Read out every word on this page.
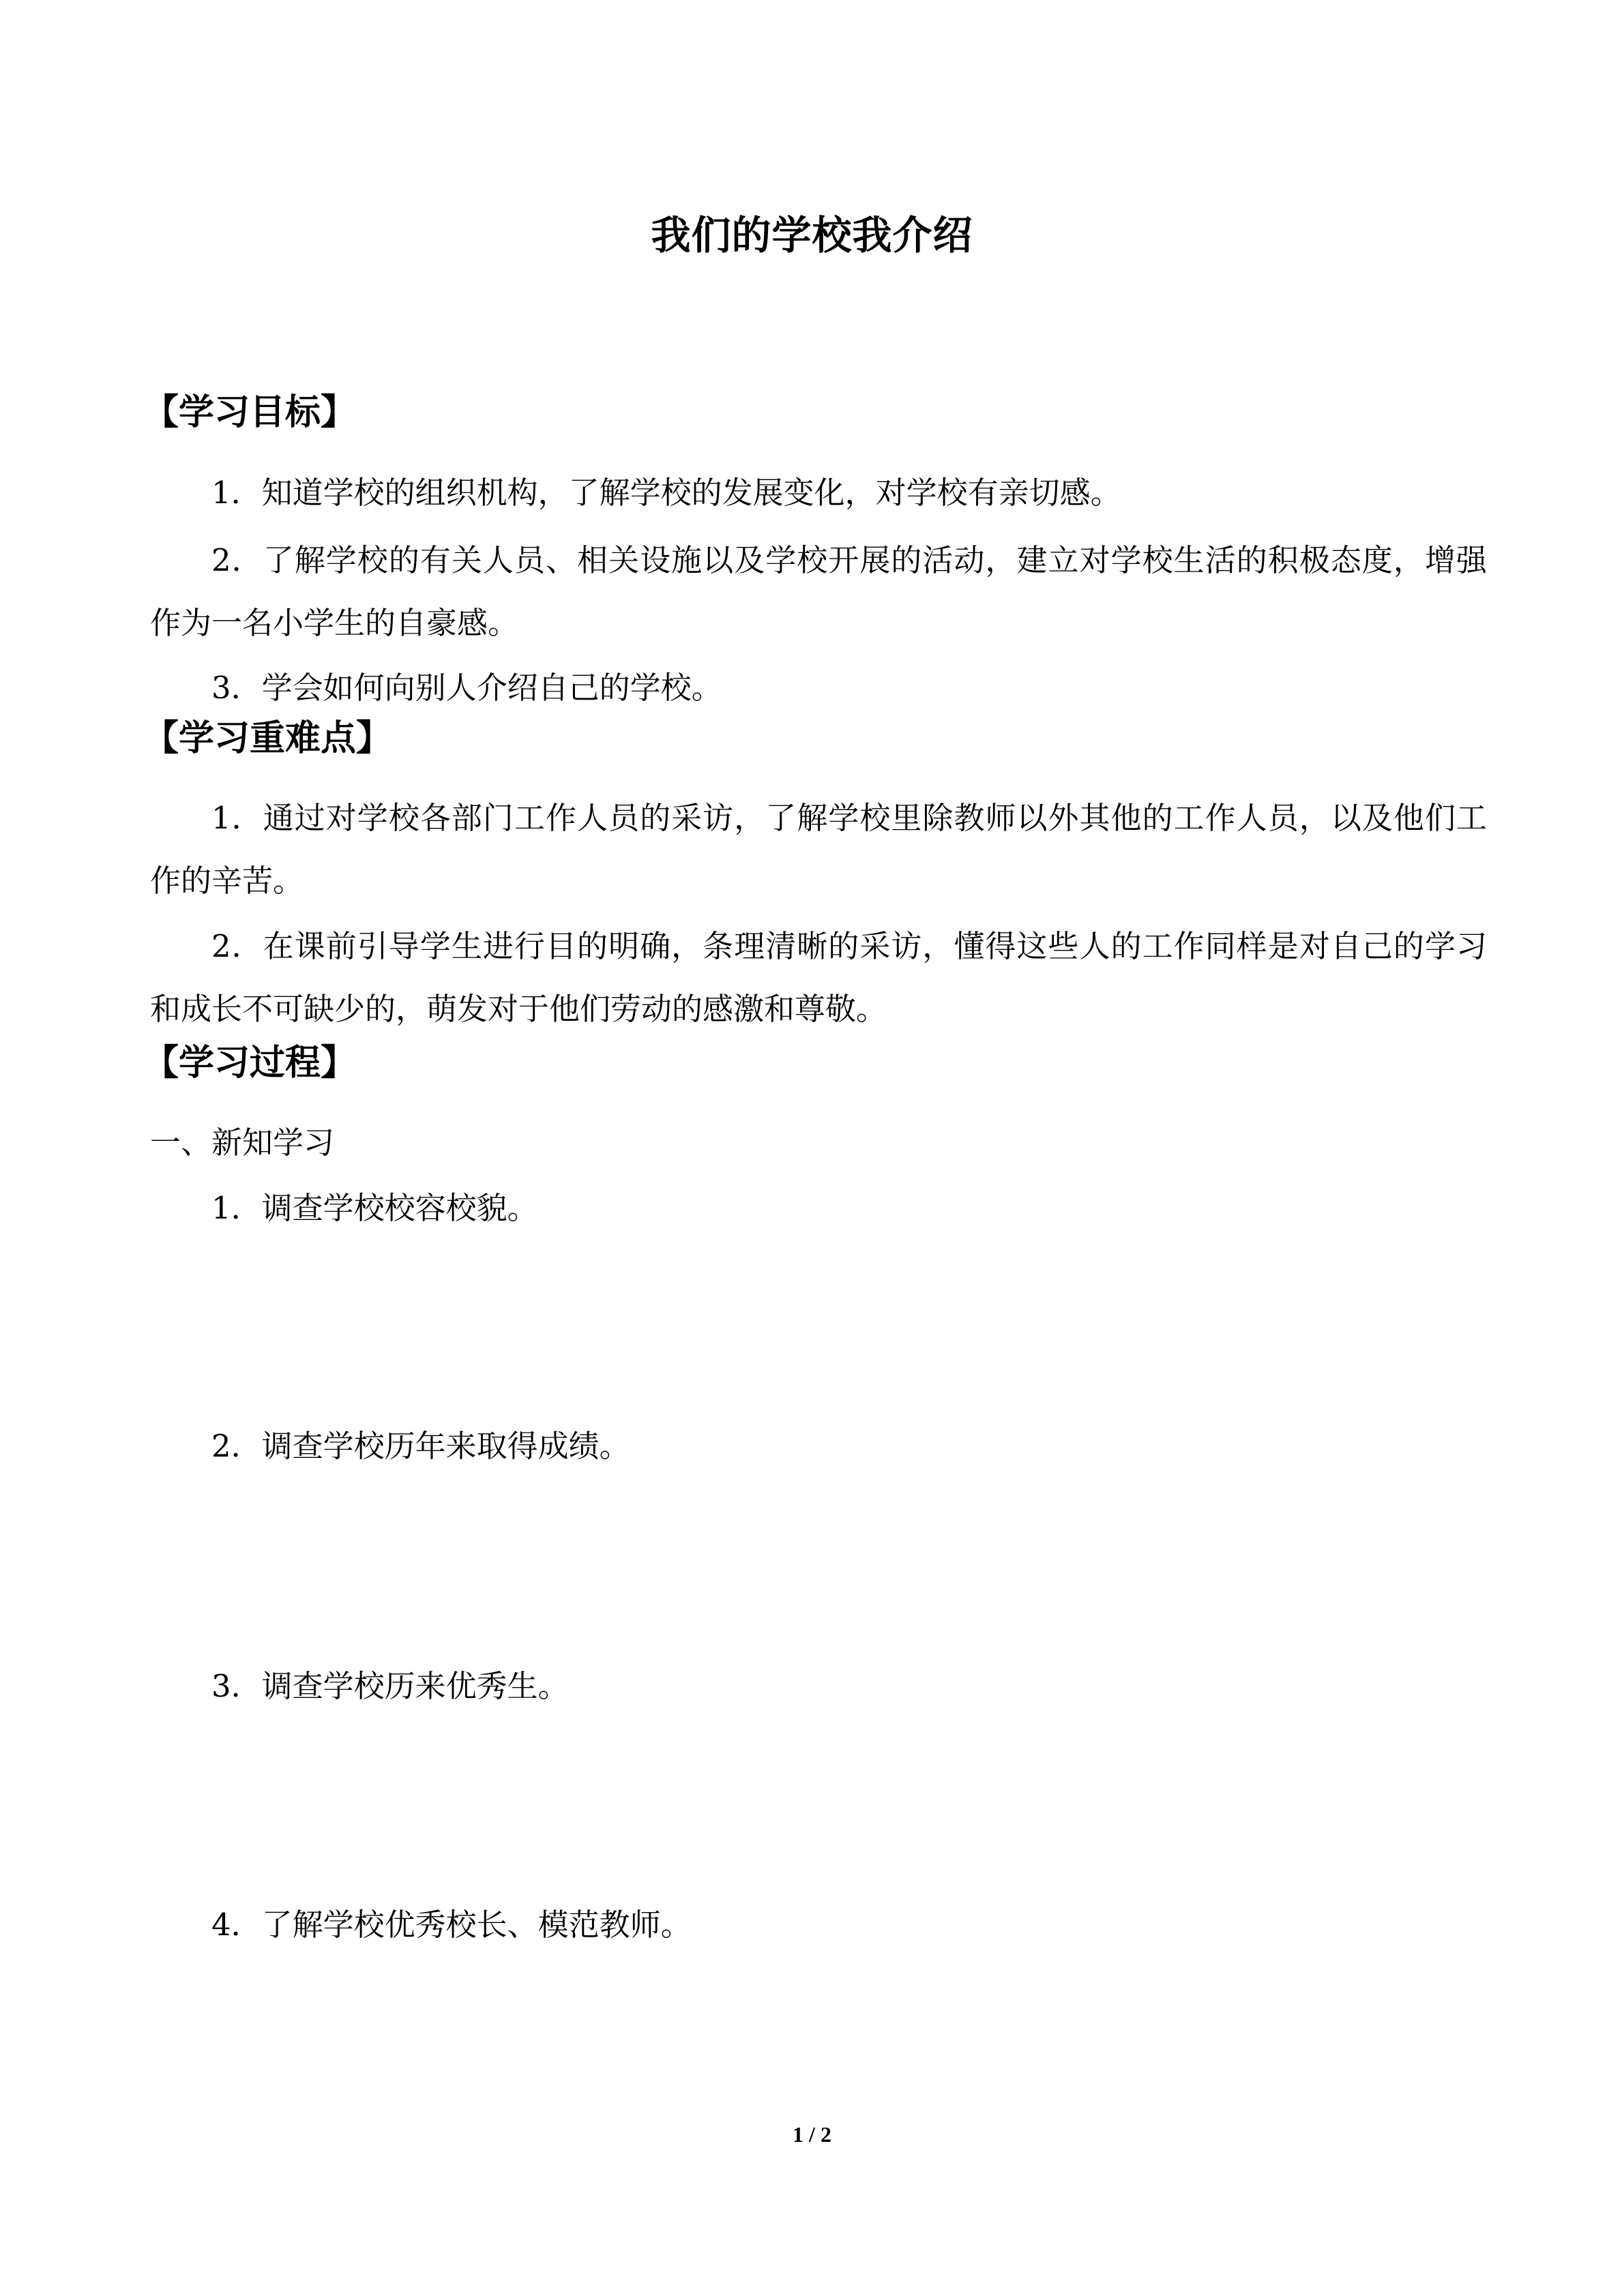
我们的学校我介绍
【学习目标】
1．知道学校的组织机构，了解学校的发展变化，对学校有亲切感。
2．了解学校的有关人员、相关设施以及学校开展的活动，建立对学校生活的积极态度，增强作为一名小学生的自豪感。
3．学会如何向别人介绍自己的学校。
【学习重难点】
1．通过对学校各部门工作人员的采访，了解学校里除教师以外其他的工作人员，以及他们工作的辛苦。
2．在课前引导学生进行目的明确，条理清晰的采访，懂得这些人的工作同样是对自己的学习和成长不可缺少的，萌发对于他们劳动的感激和尊敬。
【学习过程】
一、新知学习
1．调查学校校容校貌。
2．调查学校历年来取得成绩。
3．调查学校历来优秀生。
4．了解学校优秀校长、模范教师。
1 / 2
